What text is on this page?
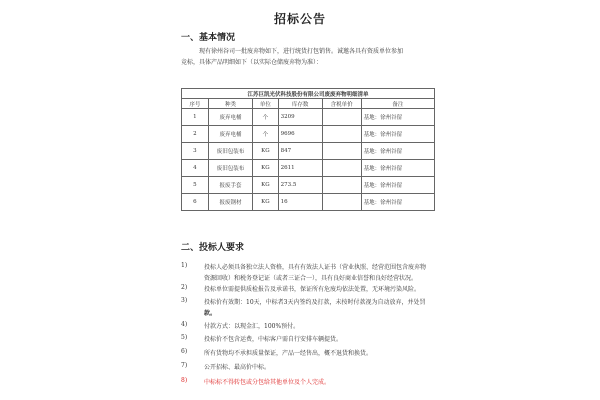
招标公告
一、基本情况
现有徐州谷司一批废弃物如下，进行统货打包销售。诚邀各具有资质单位参加
竞标，具体产品明细如下（以实际仓储废弃物为准）：
江苏巨凯光伏科技股份有限公司废废弃物明细清单					
序号	种类	单位	库存数	含税单价	备注
1	废弃电桶	个	3209		基地：徐州谷留
2	废弃电桶	个	9696		基地：徐州谷留
3	废旧包装布	KG	847		基地：徐州谷留
4	废旧包装布	KG	2611		基地：徐州谷留
5	报废手套	KG	273.5		基地：徐州谷留
6	报废钢材	KG	16		基地：徐州谷留
二、投标人要求
1)	投标人必须具备独立法人资格，具有有效法人证书（营业执照、经营范围包含废弃物
资源回收）和税务登记证（或者三证合一），具有良好商业信誉和良好经营状况。
2)	投标单位需提供质检报告及承诺书，保证所有危废均依法处置，无环境污染风险。
3)	投标价有效期：10天，中标者3天内签约及打款，未按时付款视为自动放弃，并处罚
款。
4)	付款方式：以现金汇，100%预付。
5)	投标价不包含运费，中标客户需自行安排车辆提货。
6)	所有货物均不承担质量保证，产品一经售出，概不退货和换货。
7)	公开招标、最高价中标。
8)	中标标不得转包或分包给其他单位及个人完成。
